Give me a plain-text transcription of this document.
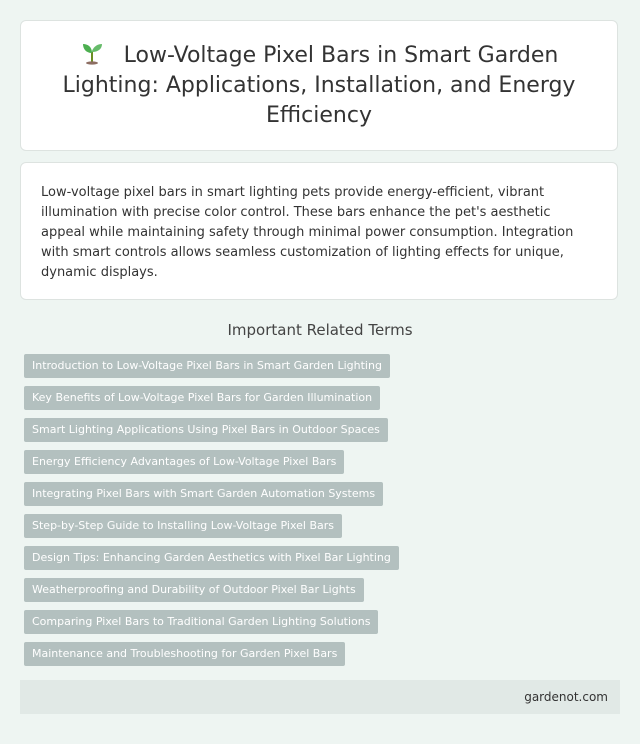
Low-Voltage Pixel Bars in Smart Garden Lighting: Applications, Installation, and Energy Efficiency

Low-voltage pixel bars in smart lighting pets provide energy-efficient, vibrant illumination with precise color control. These bars enhance the pet's aesthetic appeal while maintaining safety through minimal power consumption. Integration with smart controls allows seamless customization of lighting effects for unique, dynamic displays.

Important Related Terms
Introduction to Low-Voltage Pixel Bars in Smart Garden Lighting
Key Benefits of Low-Voltage Pixel Bars for Garden Illumination
Smart Lighting Applications Using Pixel Bars in Outdoor Spaces
Energy Efficiency Advantages of Low-Voltage Pixel Bars
Integrating Pixel Bars with Smart Garden Automation Systems
Step-by-Step Guide to Installing Low-Voltage Pixel Bars
Design Tips: Enhancing Garden Aesthetics with Pixel Bar Lighting
Weatherproofing and Durability of Outdoor Pixel Bar Lights
Comparing Pixel Bars to Traditional Garden Lighting Solutions
Maintenance and Troubleshooting for Garden Pixel Bars
gardenot.com
